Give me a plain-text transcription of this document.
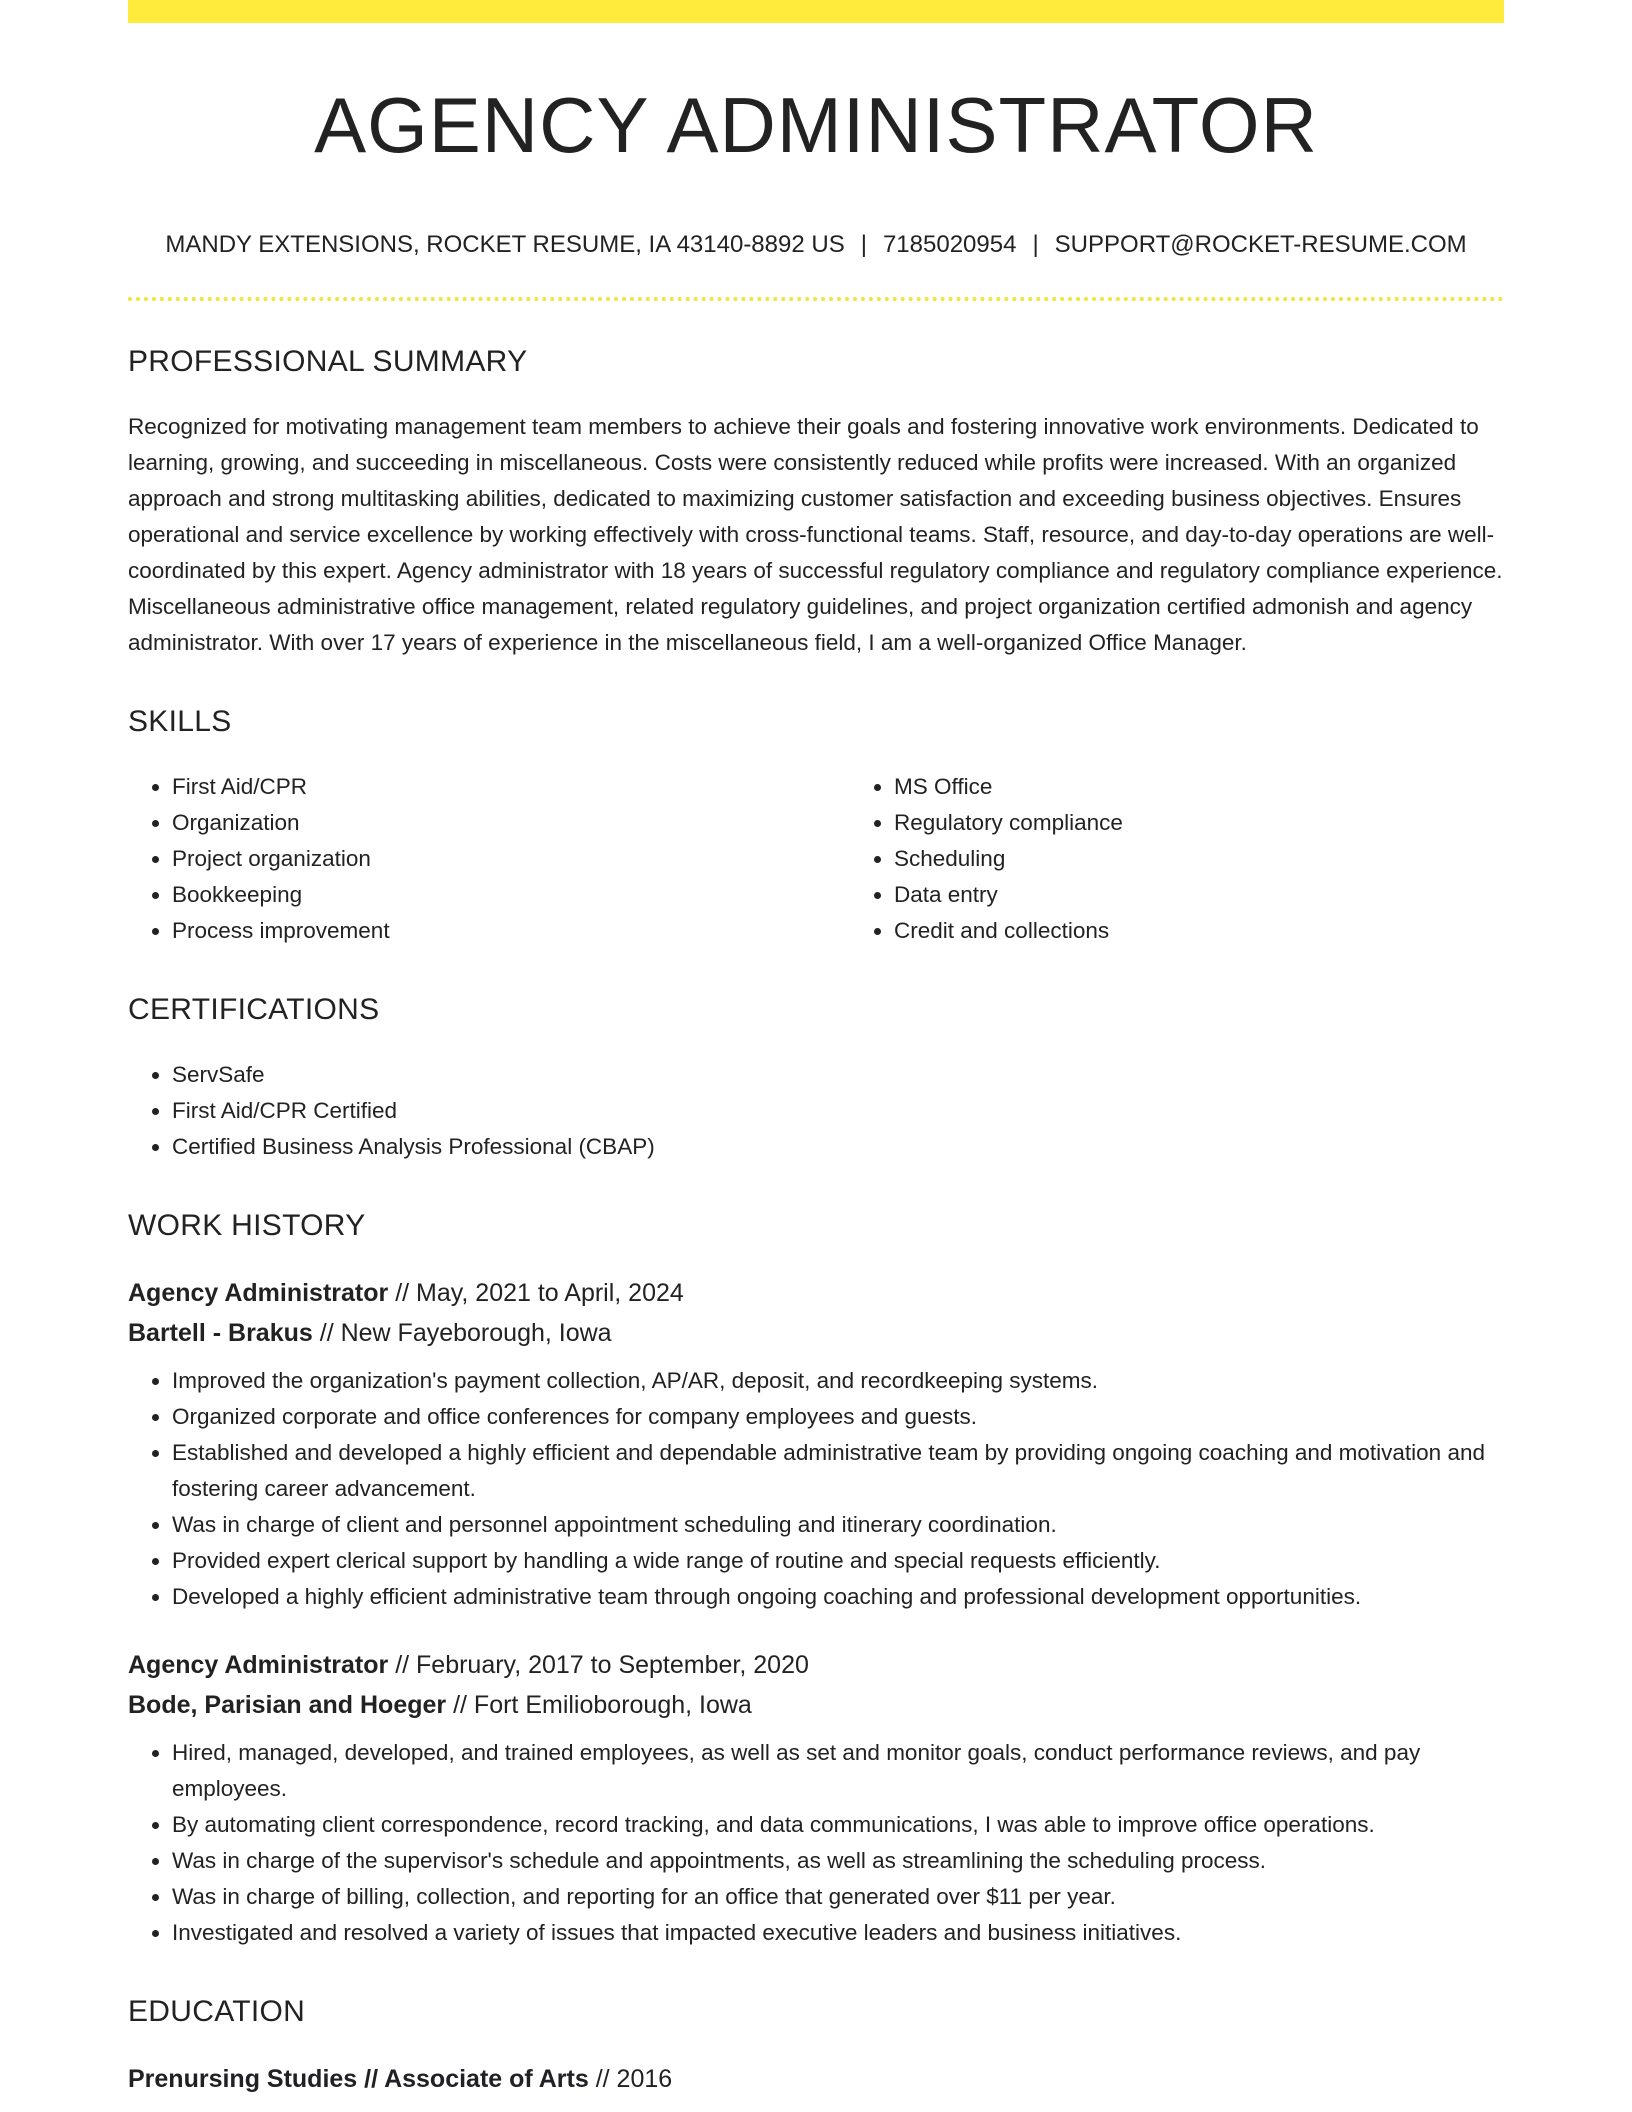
AGENCY ADMINISTRATOR
MANDY EXTENSIONS, ROCKET RESUME, IA 43140-8892 US | 7185020954 | SUPPORT@ROCKET-RESUME.COM
PROFESSIONAL SUMMARY

Recognized for motivating management team members to achieve their goals and fostering innovative work environments. Dedicated to learning, growing, and succeeding in miscellaneous. Costs were consistently reduced while profits were increased. With an organized approach and strong multitasking abilities, dedicated to maximizing customer satisfaction and exceeding business objectives. Ensures operational and service excellence by working effectively with cross-functional teams. Staff, resource, and day-to-day operations are well-coordinated by this expert. Agency administrator with 18 years of successful regulatory compliance and regulatory compliance experience. Miscellaneous administrative office management, related regulatory guidelines, and project organization certified admonish and agency administrator. With over 17 years of experience in the miscellaneous field, I am a well-organized Office Manager.

SKILLS
• First Aid/CPR
• Organization
• Project organization
• Bookkeeping
• Process improvement
• MS Office
• Regulatory compliance
• Scheduling
• Data entry
• Credit and collections
CERTIFICATIONS
• ServSafe
• First Aid/CPR Certified
• Certified Business Analysis Professional (CBAP)
WORK HISTORY
Agency Administrator // May, 2021 to April, 2024
Bartell - Brakus // New Fayeborough, Iowa
• Improved the organization's payment collection, AP/AR, deposit, and recordkeeping systems.
• Organized corporate and office conferences for company employees and guests.
• Established and developed a highly efficient and dependable administrative team by providing ongoing coaching and motivation and fostering career advancement.
• Was in charge of client and personnel appointment scheduling and itinerary coordination.
• Provided expert clerical support by handling a wide range of routine and special requests efficiently.
• Developed a highly efficient administrative team through ongoing coaching and professional development opportunities.
Agency Administrator // February, 2017 to September, 2020
Bode, Parisian and Hoeger // Fort Emilioborough, Iowa
• Hired, managed, developed, and trained employees, as well as set and monitor goals, conduct performance reviews, and pay employees.
• By automating client correspondence, record tracking, and data communications, I was able to improve office operations.
• Was in charge of the supervisor's schedule and appointments, as well as streamlining the scheduling process.
• Was in charge of billing, collection, and reporting for an office that generated over $11 per year.
• Investigated and resolved a variety of issues that impacted executive leaders and business initiatives.
EDUCATION
Prenursing Studies // Associate of Arts // 2016
